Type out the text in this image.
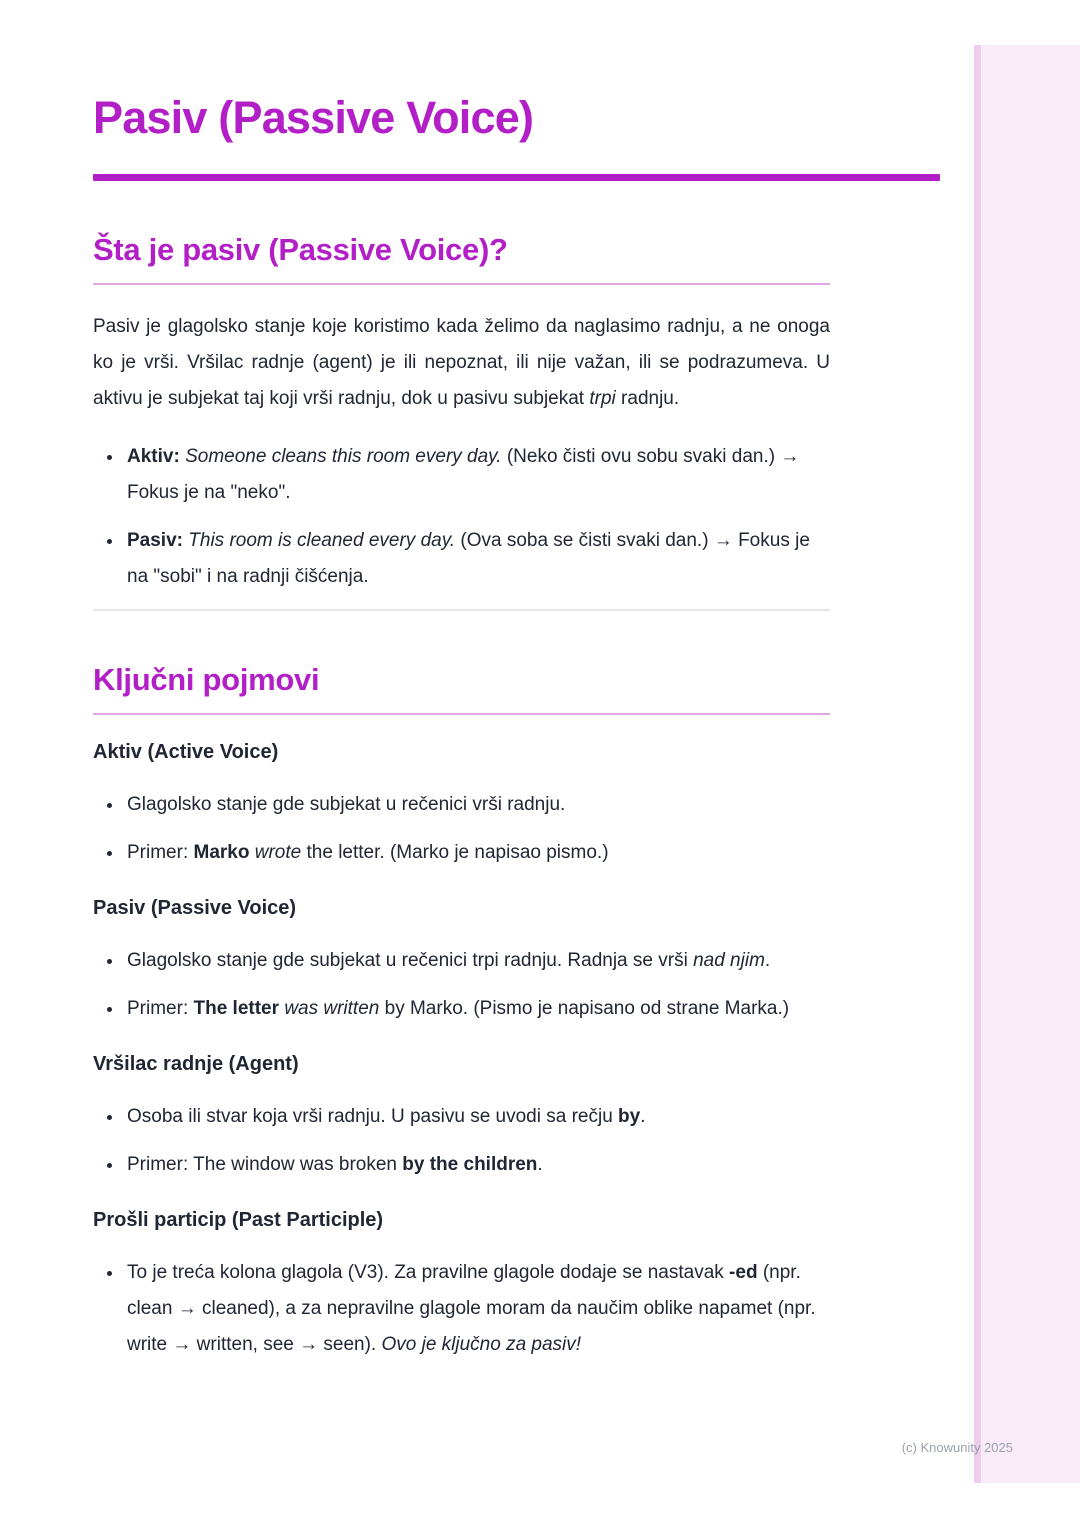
Pasiv (Passive Voice)
Šta je pasiv (Passive Voice)?

Pasiv je glagolsko stanje koje koristimo kada želimo da naglasimo radnju, a ne onoga ko je vrši. Vršilac radnje (agent) je ili nepoznat, ili nije važan, ili se podrazumeva. U aktivu je subjekat taj koji vrši radnju, dok u pasivu subjekat trpi radnju.

• Aktiv: Someone cleans this room every day. (Neko čisti ovu sobu svaki dan.) → Fokus je na "neko".
• Pasiv: This room is cleaned every day. (Ova soba se čisti svaki dan.) → Fokus je na "sobi" i na radnji čišćenja.
Ključni pojmovi
Aktiv (Active Voice)
• Glagolsko stanje gde subjekat u rečenici vrši radnju.
• Primer: Marko wrote the letter. (Marko je napisao pismo.)
Pasiv (Passive Voice)
• Glagolsko stanje gde subjekat u rečenici trpi radnju. Radnja se vrši nad njim.
• Primer: The letter was written by Marko. (Pismo je napisano od strane Marka.)
Vršilac radnje (Agent)
• Osoba ili stvar koja vrši radnju. U pasivu se uvodi sa rečju by.
• Primer: The window was broken by the children.
Prošli particip (Past Participle)
• To je treća kolona glagola (V3). Za pravilne glagole dodaje se nastavak -ed (npr. clean → cleaned), a za nepravilne glagole moram da naučim oblike napamet (npr. write → written, see → seen). Ovo je ključno za pasiv!
(c) Knowunity 2025
